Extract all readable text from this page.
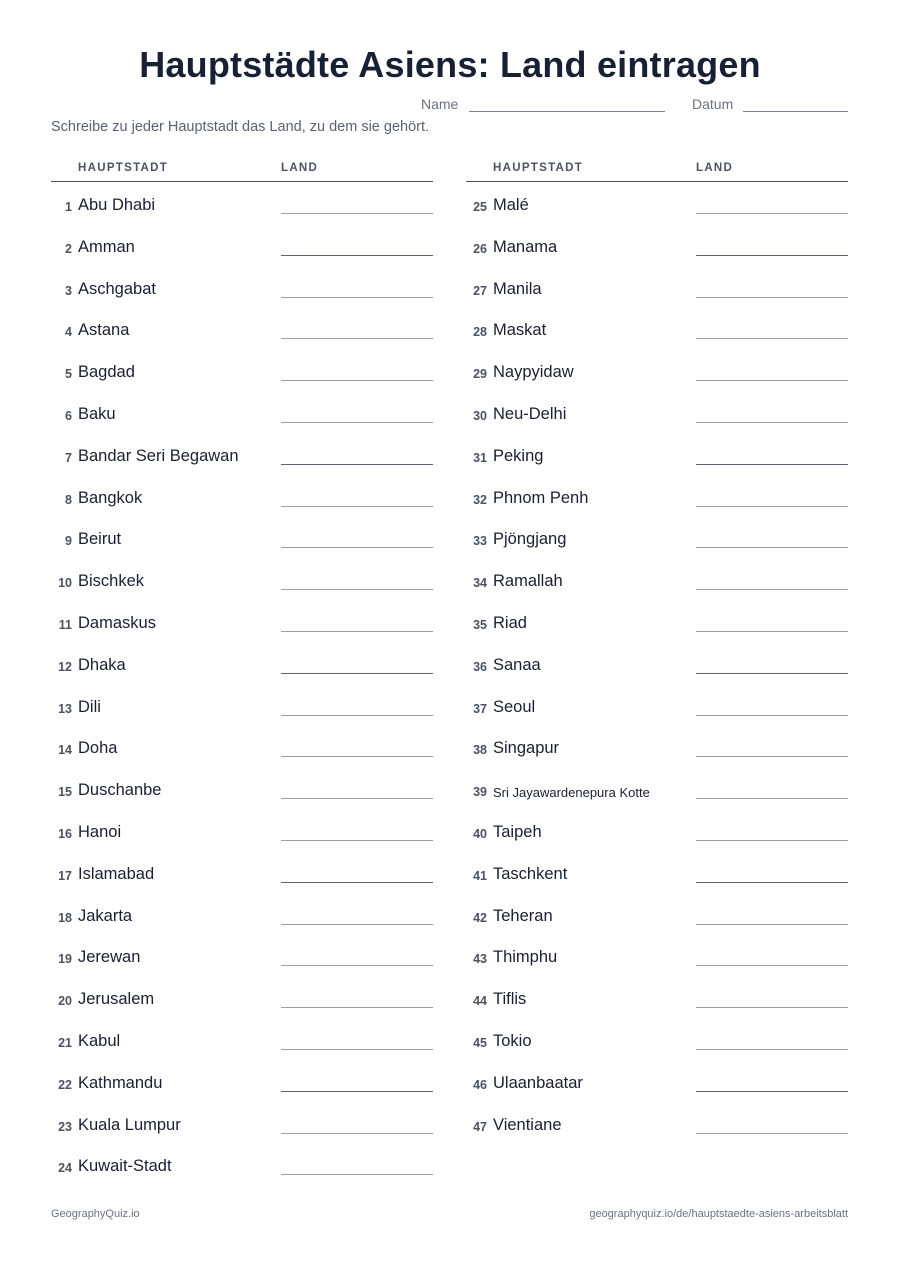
Hauptstädte Asiens: Land eintragen
Name	Datum
Schreibe zu jeder Hauptstadt das Land, zu dem sie gehört.
HAUPTSTADT	LAND
1 Abu Dhabi
2 Amman
3 Aschgabat
4 Astana
5 Bagdad
6 Baku
7 Bandar Seri Begawan
8 Bangkok
9 Beirut
10 Bischkek
11 Damaskus
12 Dhaka
13 Dili
14 Doha
15 Duschanbe
16 Hanoi
17 Islamabad
18 Jakarta
19 Jerewan
20 Jerusalem
21 Kabul
22 Kathmandu
23 Kuala Lumpur
24 Kuwait-Stadt
HAUPTSTADT	LAND
25 Malé
26 Manama
27 Manila
28 Maskat
29 Naypyidaw
30 Neu-Delhi
31 Peking
32 Phnom Penh
33 Pjöngjang
34 Ramallah
35 Riad
36 Sanaa
37 Seoul
38 Singapur
39 Sri Jayawardenepura Kotte
40 Taipeh
41 Taschkent
42 Teheran
43 Thimphu
44 Tiflis
45 Tokio
46 Ulaanbaatar
47 Vientiane
GeographyQuiz.io	geographyquiz.io/de/hauptstaedte-asiens-arbeitsblatt
